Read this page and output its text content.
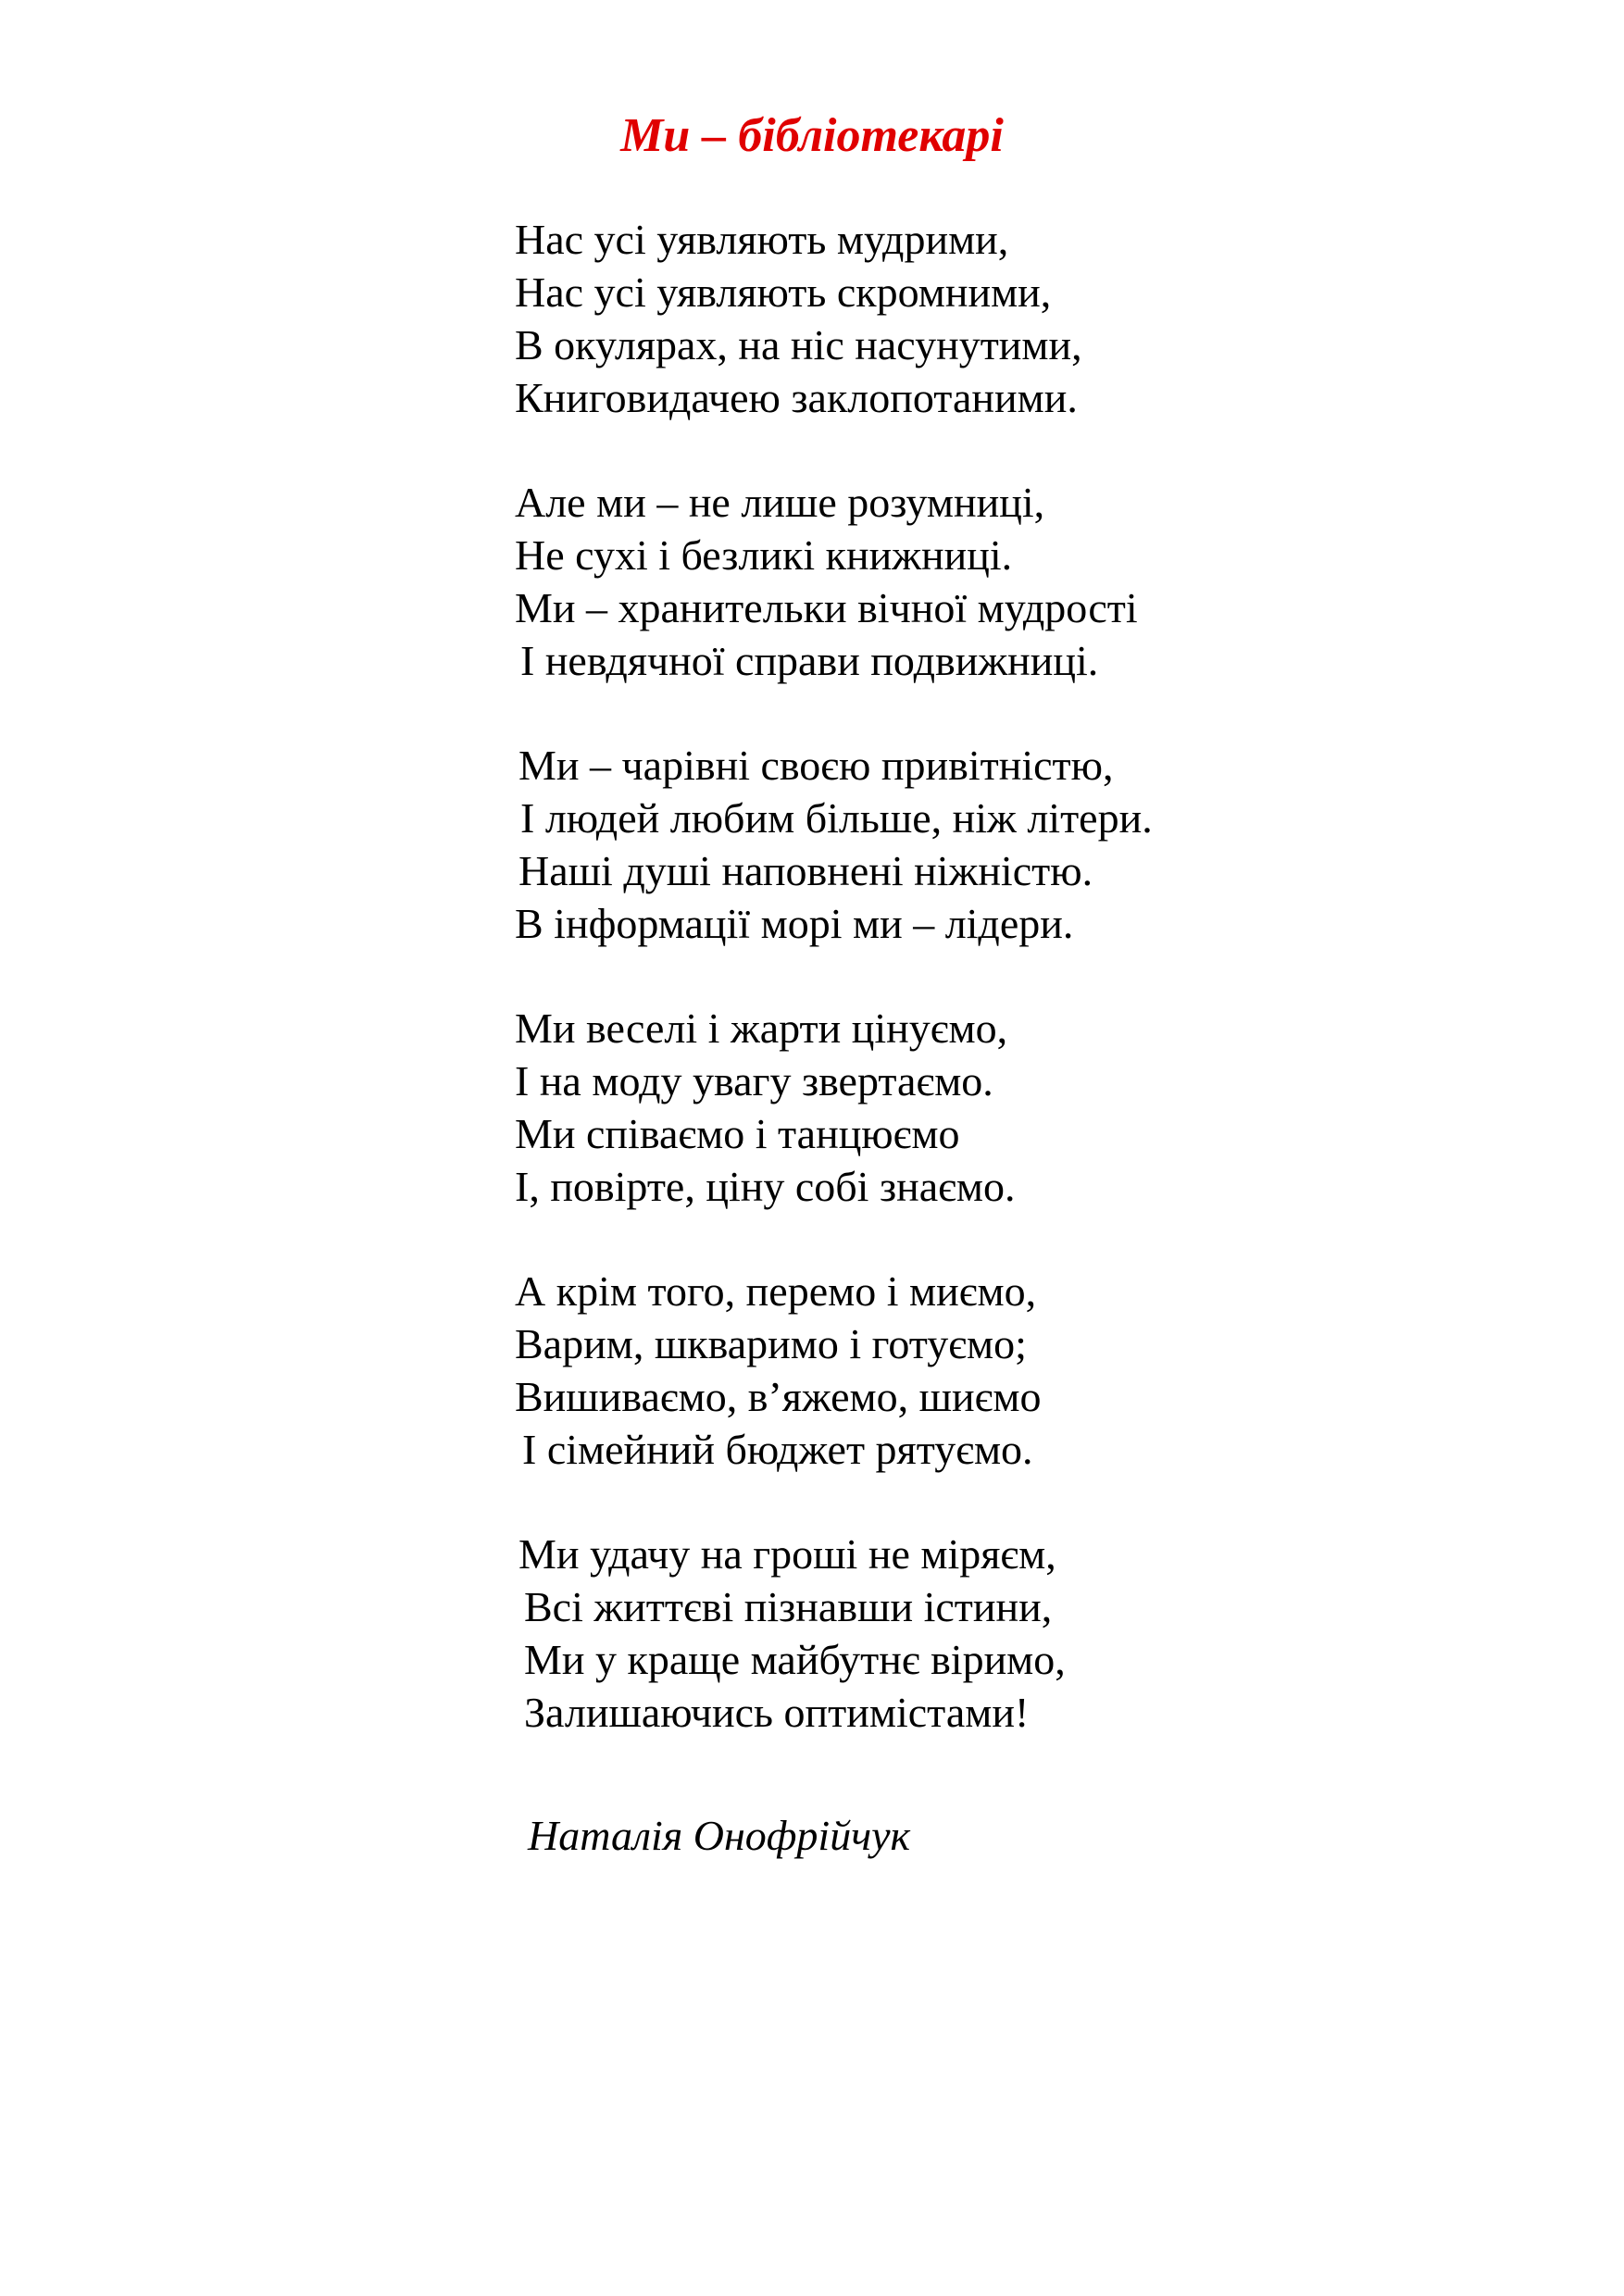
Ми – бібліотекарі
Нас усі уявляють мудрими,
Нас усі уявляють скромними,
В окулярах, на ніс насунутими,
Книговидачею заклопотаними.
Але ми – не лише розумниці,
Не сухі і безликі книжниці.
Ми – хранительки вічної мудрості
І невдячної справи подвижниці.
Ми – чарівні своєю привітністю,
І людей любим більше, ніж літери.
Наші душі наповнені ніжністю.
В інформації морі ми – лідери.
Ми веселі і жарти цінуємо,
І на моду увагу звертаємо.
Ми співаємо і танцюємо
І, повірте, ціну собі знаємо.
А крім того, перемо і миємо,
Варим, шкваримо і готуємо;
Вишиваємо, в’яжемо, шиємо
І сімейний бюджет рятуємо.
Ми удачу на гроші не міряєм,
Всі життєві пізнавши істини,
Ми у краще майбутнє віримо,
Залишаючись оптимістами!
Наталія Онофрійчук
